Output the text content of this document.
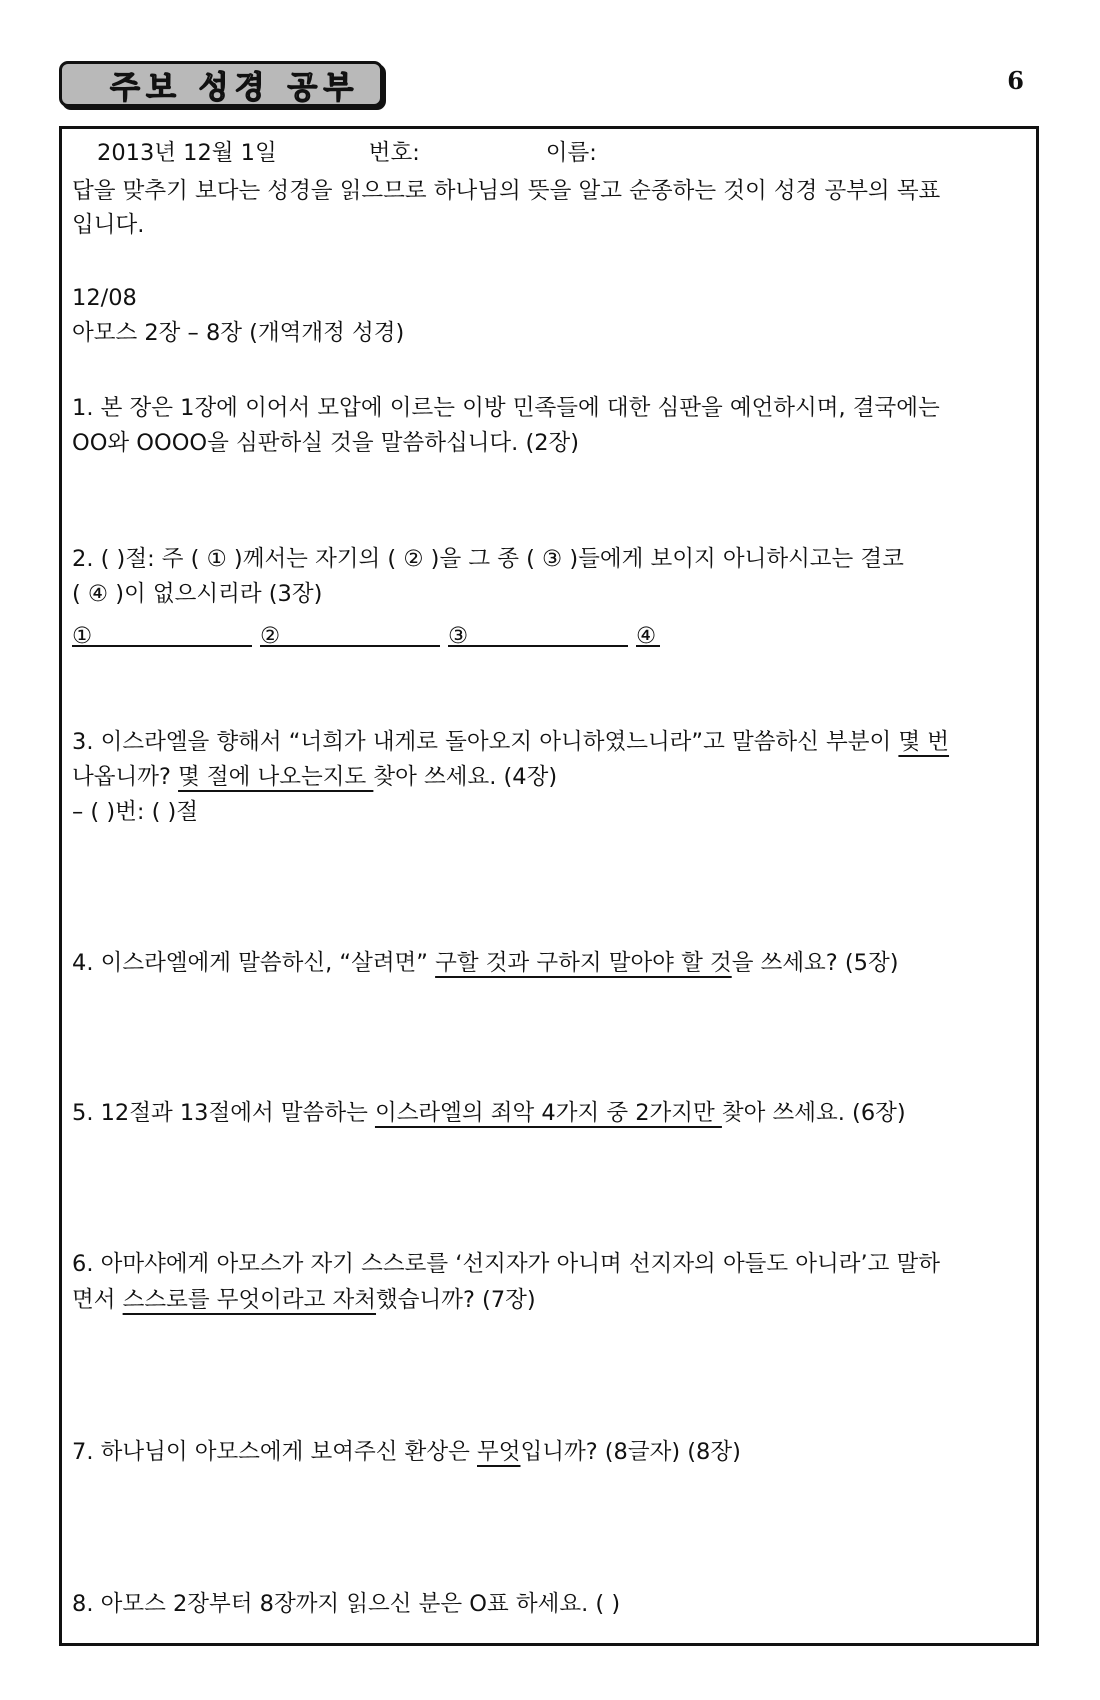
주보 성경 공부	6

2013년 12월 1일	번호:	이름:

답을 맞추기 보다는 성경을 읽으므로 하나님의 뜻을 알고 순종하는 것이 성경 공부의 목표

입니다.

12/08

아모스 2장 – 8장 (개역개정 성경)

1. 본 장은 1장에 이어서 모압에 이르는 이방 민족들에 대한 심판을 예언하시며, 결국에는

OO와 OOOO을 심판하실 것을 말씀하십니다. (2장)

2. ( )절: 주 ( ① )께서는 자기의 ( ② )을 그 종 ( ③ )들에게 보이지 아니하시고는 결코

( ④ )이 없으시리라 (3장)

①	②	③	④

3. 이스라엘을 향해서 “너희가 내게로 돌아오지 아니하였느니라”고 말씀하신 부분이 몇 번

나옵니까? 몇 절에 나오는지도 찾아 쓰세요. (4장)

– ( )번: ( )절

4. 이스라엘에게 말씀하신, “살려면” 구할 것과 구하지 말아야 할 것을 쓰세요? (5장)

5. 12절과 13절에서 말씀하는 이스라엘의 죄악 4가지 중 2가지만 찾아 쓰세요. (6장)

6. 아마샤에게 아모스가 자기 스스로를 ‘선지자가 아니며 선지자의 아들도 아니라’고 말하

면서 스스로를 무엇이라고 자처했습니까? (7장)

7. 하나님이 아모스에게 보여주신 환상은 무엇입니까? (8글자) (8장)

8. 아모스 2장부터 8장까지 읽으신 분은 O표 하세요. ( )
